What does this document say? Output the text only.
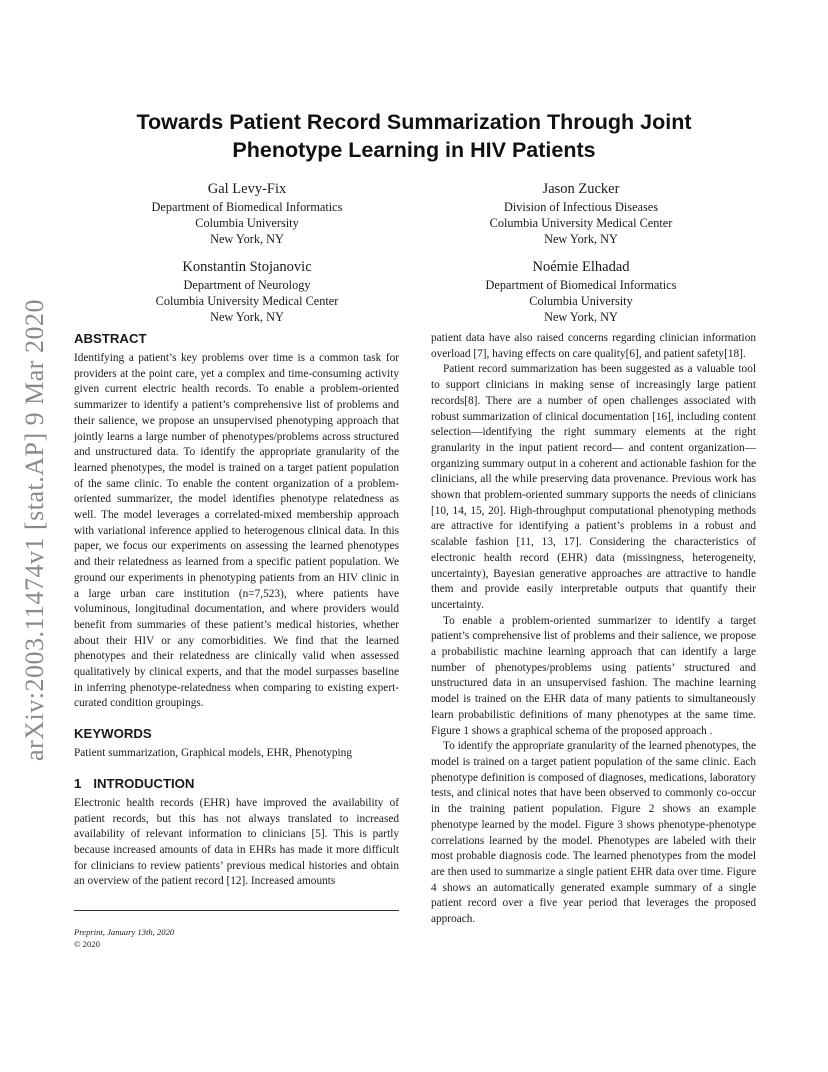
arXiv:2003.11474v1 [stat.AP] 9 Mar 2020
Towards Patient Record Summarization Through Joint
Phenotype Learning in HIV Patients
Gal Levy-Fix
Department of Biomedical Informatics
Columbia University
New York, NY
Jason Zucker
Division of Infectious Diseases
Columbia University Medical Center
New York, NY
Konstantin Stojanovic
Department of Neurology
Columbia University Medical Center
New York, NY
Noémie Elhadad
Department of Biomedical Informatics
Columbia University
New York, NY
ABSTRACT

Identifying a patient’s key problems over time is a common task for providers at the point care, yet a complex and time-consuming activity given current electric health records. To enable a problem-oriented summarizer to identify a patient’s comprehensive list of problems and their salience, we propose an unsupervised phenotyping approach that jointly learns a large number of phenotypes/problems across structured and unstructured data. To identify the appropriate granularity of the learned phenotypes, the model is trained on a target patient population of the same clinic. To enable the content organization of a problem-oriented summarizer, the model identifies phenotype relatedness as well. The model leverages a correlated-mixed membership approach with variational inference applied to heterogenous clinical data. In this paper, we focus our experiments on assessing the learned phenotypes and their relatedness as learned from a specific patient population. We ground our experiments in phenotyping patients from an HIV clinic in a large urban care institution (n=7,523), where patients have voluminous, longitudinal documentation, and where providers would benefit from summaries of these patient’s medical histories, whether about their HIV or any comorbidities. We find that the learned phenotypes and their relatedness are clinically valid when assessed qualitatively by clinical experts, and that the model surpasses baseline in inferring phenotype-relatedness when comparing to existing expert-curated condition groupings.

KEYWORDS

Patient summarization, Graphical models, EHR, Phenotyping

1 INTRODUCTION

Electronic health records (EHR) have improved the availability of patient records, but this has not always translated to increased availability of relevant information to clinicians [5]. This is partly because increased amounts of data in EHRs has made it more difficult for clinicians to review patients’ previous medical histories and obtain an overview of the patient record [12]. Increased amounts

patient data have also raised concerns regarding clinician information overload [7], having effects on care quality[6], and patient safety[18].

Patient record summarization has been suggested as a valuable tool to support clinicians in making sense of increasingly large patient records[8]. There are a number of open challenges associated with robust summarization of clinical documentation [16], including content selection—identifying the right summary elements at the right granularity in the input patient record— and content organization—organizing summary output in a coherent and actionable fashion for the clinicians, all the while preserving data provenance. Previous work has shown that problem-oriented summary supports the needs of clinicians [10, 14, 15, 20]. High-throughput computational phenotyping methods are attractive for identifying a patient’s problems in a robust and scalable fashion [11, 13, 17]. Considering the characteristics of electronic health record (EHR) data (missingness, heterogeneity, uncertainty), Bayesian generative approaches are attractive to handle them and provide easily interpretable outputs that quantify their uncertainty.

To enable a problem-oriented summarizer to identify a target patient’s comprehensive list of problems and their salience, we propose a probabilistic machine learning approach that can identify a large number of phenotypes/problems using patients’ structured and unstructured data in an unsupervised fashion. The machine learning model is trained on the EHR data of many patients to simultaneously learn probabilistic definitions of many phenotypes at the same time. Figure 1 shows a graphical schema of the proposed approach .

To identify the appropriate granularity of the learned phenotypes, the model is trained on a target patient population of the same clinic. Each phenotype definition is composed of diagnoses, medications, laboratory tests, and clinical notes that have been observed to commonly co-occur in the training patient population. Figure 2 shows an example phenotype learned by the model. Figure 3 shows phenotype-phenotype correlations learned by the model. Phenotypes are labeled with their most probable diagnosis code. The learned phenotypes from the model are then used to summarize a single patient EHR data over time. Figure 4 shows an automatically generated example summary of a single patient record over a five year period that leverages the proposed approach.

Preprint, January 13th, 2020
© 2020
